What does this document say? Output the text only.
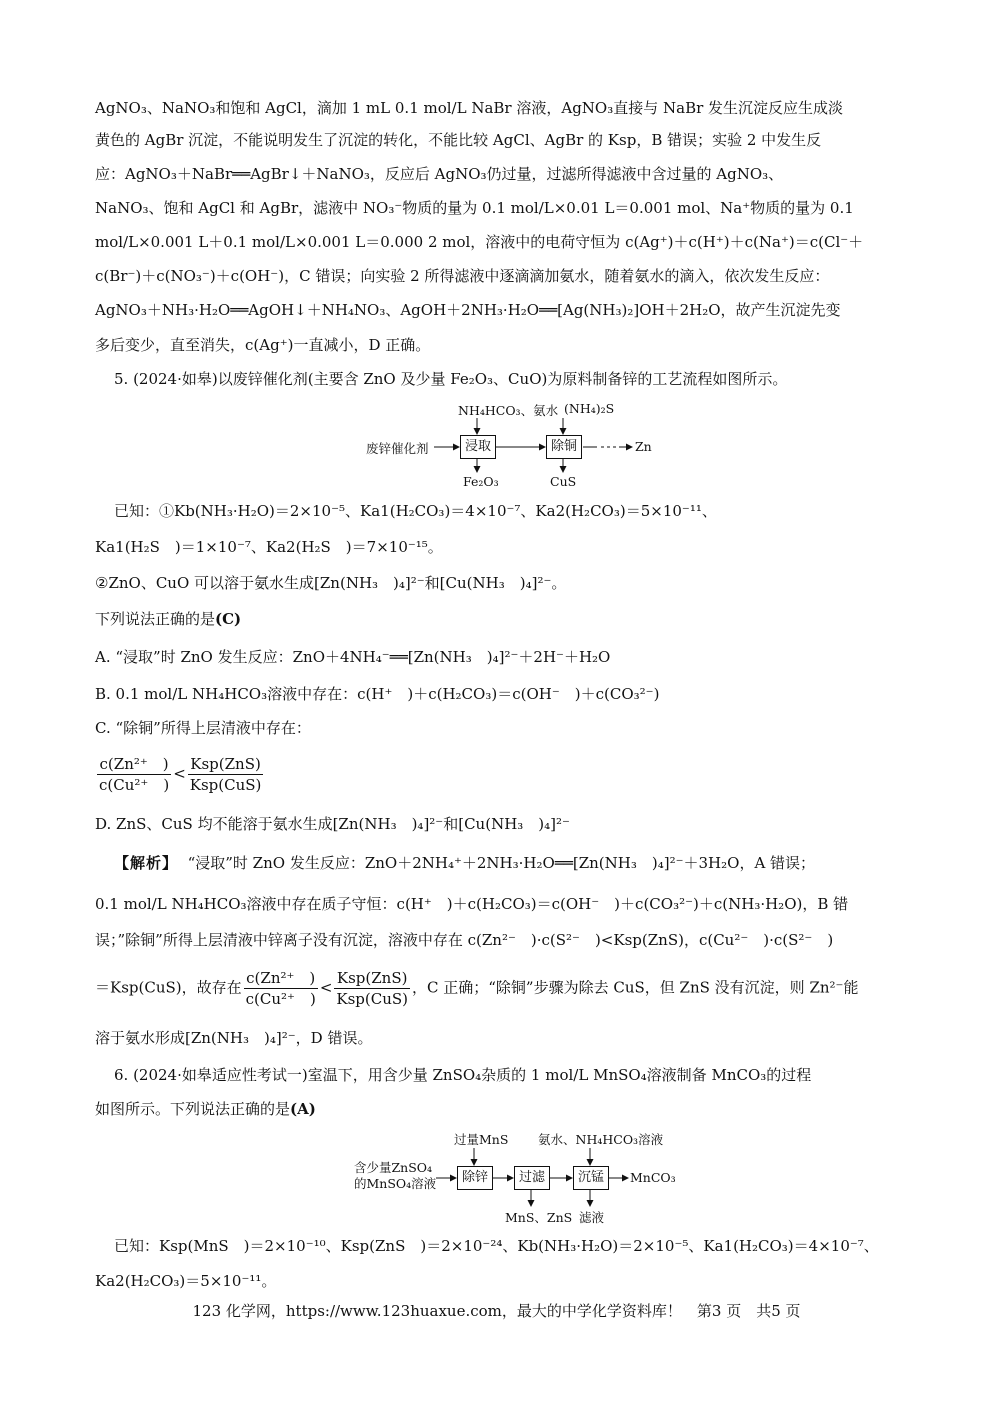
AgNO₃、NaNO₃和饱和 AgCl，滴加 1 mL 0.1 mol/L NaBr 溶液，AgNO₃直接与 NaBr 发生沉淀反应生成淡
黄色的 AgBr 沉淀，不能说明发生了沉淀的转化，不能比较 AgCl、AgBr 的 Ksp，B 错误；实验 2 中发生反
应：AgNO₃＋NaBr══AgBr↓＋NaNO₃，反应后 AgNO₃仍过量，过滤所得滤液中含过量的 AgNO₃、
NaNO₃、饱和 AgCl 和 AgBr，滤液中 NO₃⁻物质的量为 0.1 mol/L×0.01 L＝0.001 mol、Na⁺物质的量为 0.1
mol/L×0.001 L＋0.1 mol/L×0.001 L＝0.000 2 mol，溶液中的电荷守恒为 c(Ag⁺)＋c(H⁺)＋c(Na⁺)＝c(Cl⁻＋
c(Br⁻)＋c(NO₃⁻)＋c(OH⁻)，C 错误；向实验 2 所得滤液中逐滴滴加氨水，随着氨水的滴入，依次发生反应：
AgNO₃＋NH₃·H₂O══AgOH↓＋NH₄NO₃、AgOH＋2NH₃·H₂O══[Ag(NH₃)₂]OH＋2H₂O，故产生沉淀先变
多后变少，直至消失，c(Ag⁺)一直减小，D 正确。
5. (2024·如皋)以废锌催化剂(主要含 ZnO 及少量 Fe₂O₃、CuO)为原料制备锌的工艺流程如图所示。
NH₄HCO₃、氨水 (NH₄)₂S
废锌催化剂	浸取	除铜	Zn
Fe₂O₃	CuS
已知：①Kb(NH₃·H₂O)＝2×10⁻⁵、Ka1(H₂CO₃)＝4×10⁻⁷、Ka2(H₂CO₃)＝5×10⁻¹¹、
Ka1(H₂S　)＝1×10⁻⁷、Ka2(H₂S　)＝7×10⁻¹⁵。
②ZnO、CuO 可以溶于氨水生成[Zn(NH₃　)₄]²⁻和[Cu(NH₃　)₄]²⁻。
下列说法正确的是(C)
A. “浸取”时 ZnO 发生反应：ZnO＋4NH₄⁻══[Zn(NH₃　)₄]²⁻＋2H⁻＋H₂O
B. 0.1 mol/L NH₄HCO₃溶液中存在：c(H⁺　)＋c(H₂CO₃)＝c(OH⁻　)＋c(CO₃²⁻)
C. “除铜”所得上层清液中存在：
$\frac{\text{c(Zn²⁺　)}}{\text{c(Cu²⁺　)}} < \frac{\text{Ksp(ZnS)}}{\text{Ksp(CuS)}}$
D. ZnS、CuS 均不能溶于氨水生成[Zn(NH₃　)₄]²⁻和[Cu(NH₃　)₄]²⁻
【解析】 “浸取”时 ZnO 发生反应：ZnO＋2NH₄⁺＋2NH₃·H₂O══[Zn(NH₃　)₄]²⁻＋3H₂O，A 错误；
0.1 mol/L NH₄HCO₃溶液中存在质子守恒：c(H⁺　)＋c(H₂CO₃)＝c(OH⁻　)＋c(CO₃²⁻)＋c(NH₃·H₂O)，B 错
误；”除铜”所得上层清液中锌离子没有沉淀，溶液中存在 c(Zn²⁻　)·c(S²⁻　)<Ksp(ZnS)，c(Cu²⁻　)·c(S²⁻　)
＝Ksp(CuS)，故存在 $\frac{\text{c(Zn²⁺　)}}{\text{c(Cu²⁺　)}} < \frac{\text{Ksp(ZnS)}}{\text{Ksp(CuS)}}$ ，C 正确；“除铜”步骤为除去 CuS，但 ZnS 没有沉淀，则 Zn²⁻能
溶于氨水形成[Zn(NH₃　)₄]²⁻，D 错误。
6. (2024·如皋适应性考试一)室温下，用含少量 ZnSO₄杂质的 1 mol/L MnSO₄溶液制备 MnCO₃的过程
如图所示。下列说法正确的是(A)
过量MnS 氨水、NH₄HCO₃溶液
含少量ZnSO₄
的MnSO₄溶液	除锌	过滤	沉锰	MnCO₃
MnS、ZnS 滤液
已知：Ksp(MnS　)＝2×10⁻¹⁰、Ksp(ZnS　)＝2×10⁻²⁴、Kb(NH₃·H₂O)＝2×10⁻⁵、Ka1(H₂CO₃)＝4×10⁻⁷、
Ka2(H₂CO₃)＝5×10⁻¹¹。
123 化学网，https://www.123huaxue.com，最大的中学化学资料库！　第3 页　共5 页
